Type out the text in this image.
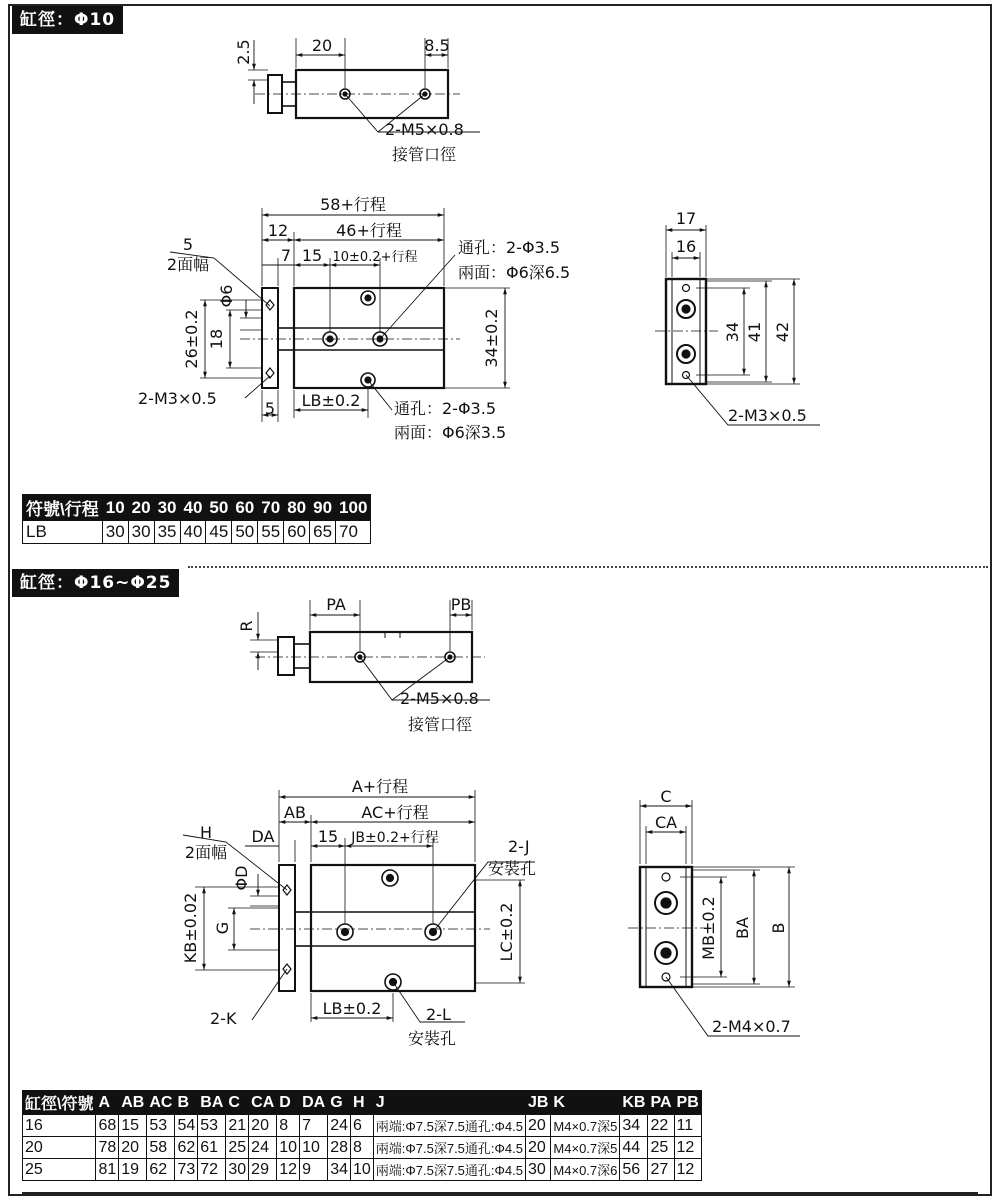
缸徑：Φ10
缸徑：Φ16~Φ25
2.5	20	8.5
2-M5×0.8
接管口徑
58+行程
12	46+行程
7 15 10±0.2+行程
通孔：2-Φ3.5
兩面：Φ6深6.5
5
2面幅
Φ6
26±0.2 18	34±0.2
2-M3×0.5
5 LB±0.2 通孔：2-Φ3.5
兩面：Φ6深3.5
17
16
34 41 42
2-M3×0.5
R
PA	PB
2-M5×0.8
接管口徑
A+行程
AB	AC+行程
15 JB±0.2+行程
DA
H
2面幅
ΦD
2-J
安裝孔
KB±0.02 G	LC±0.2
2-K
LB±0.2	2-L
安裝孔
C
CA
MB±0.2 BA B
2-M4×0.7
符號\行程	10	20	30	40	50	60	70	80	90	100
LB	30	30	35	40	45	50	55	60	65	70
缸徑\符號	A	AB	AC	B	BA	C	CA	D	DA	G	H	J	JB	K	KB	PA	PB
16	68	15	53	54	53	21	20	8	7	24	6	兩端:Φ7.5深7.5通孔:Φ4.5	20	M4×0.7深5	34	22	11
20	78	20	58	62	61	25	24	10	10	28	8	兩端:Φ7.5深7.5通孔:Φ4.5	20	M4×0.7深5	44	25	12
25	81	19	62	73	72	30	29	12	9	34	10	兩端:Φ7.5深7.5通孔:Φ4.5	30	M4×0.7深6	56	27	12
